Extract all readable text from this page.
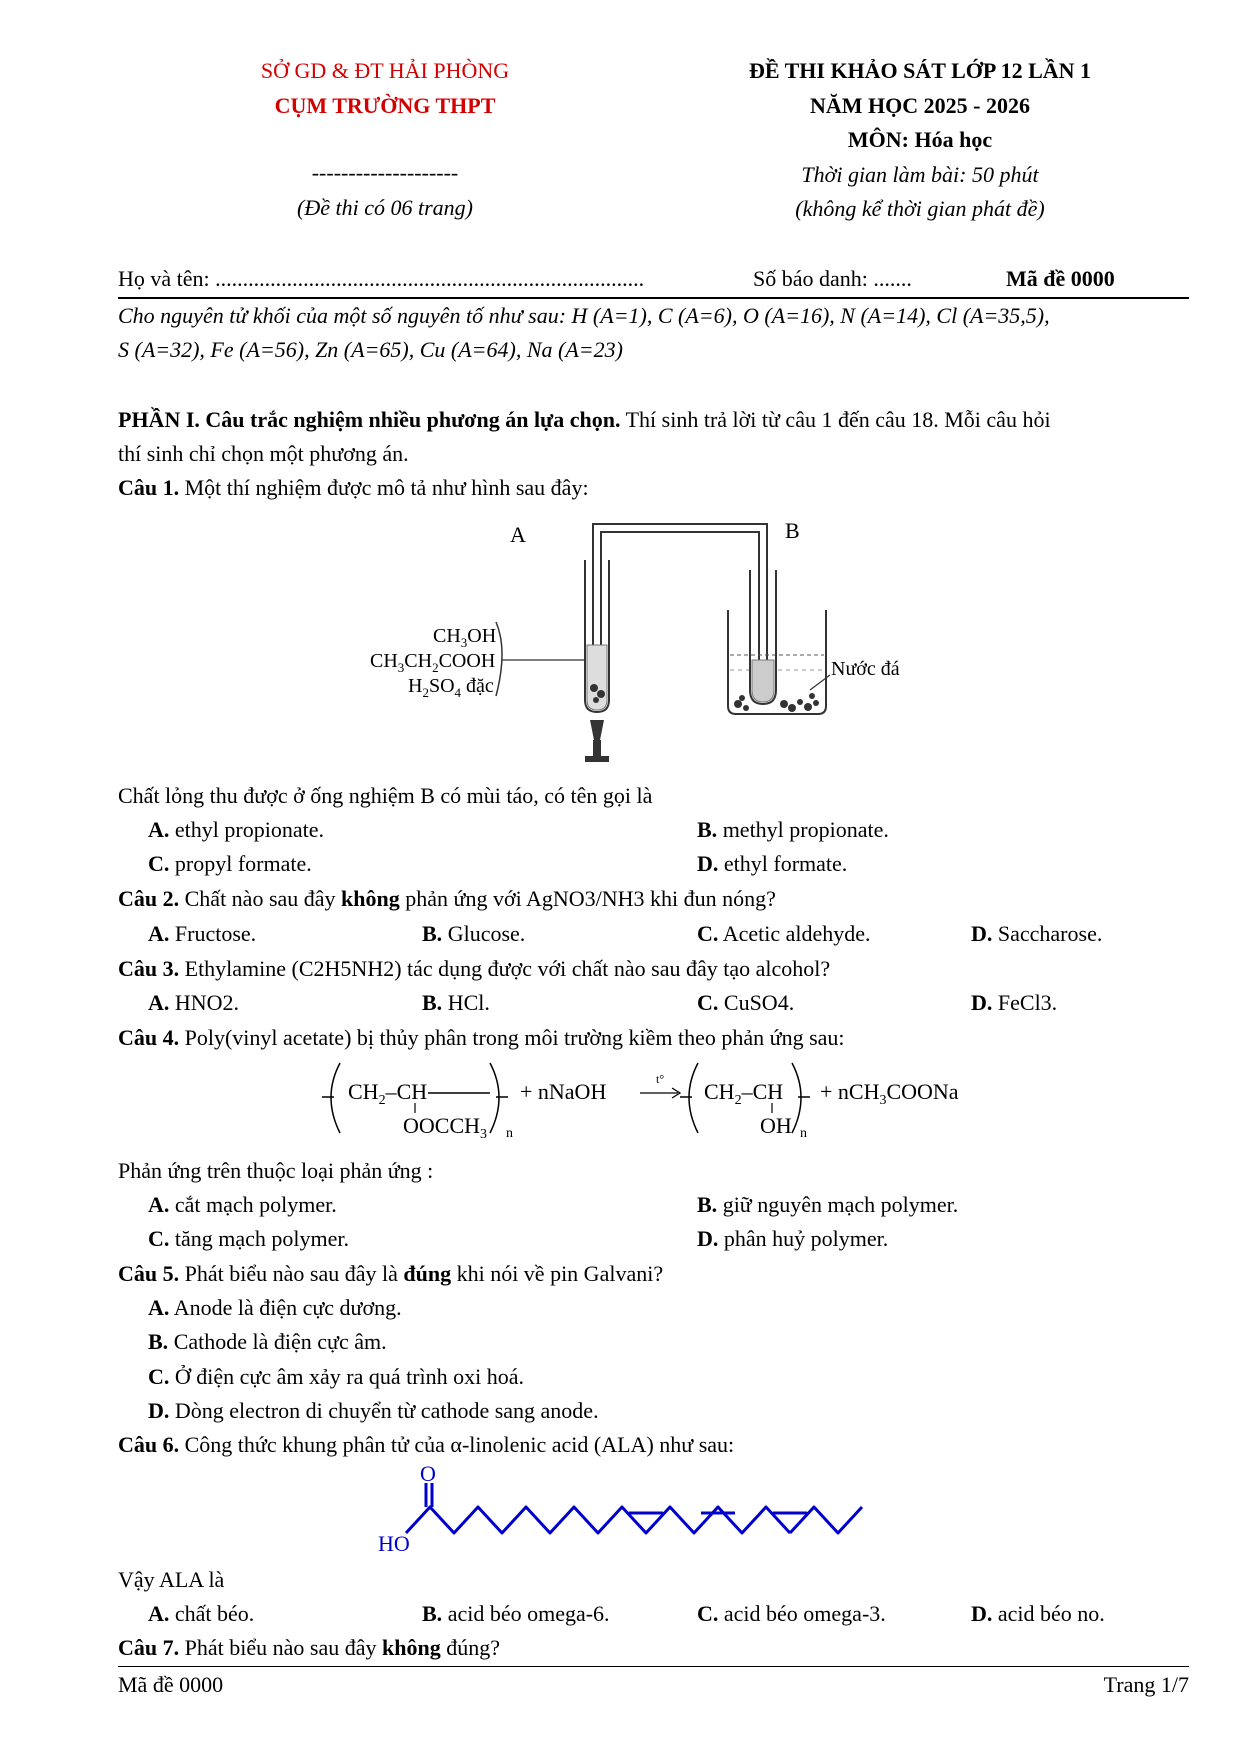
SỞ GD & ĐT HẢI PHÒNG
CỤM TRƯỜNG THPT
--------------------
(Đề thi có 06 trang)
ĐỀ THI KHẢO SÁT LỚP 12 LẦN 1
NĂM HỌC 2025 - 2026
MÔN: Hóa học
Thời gian làm bài: 50 phút
(không kể thời gian phát đề)
Họ và tên: ..............................................................................	Số báo danh: .......	Mã đề 0000
Cho nguyên tử khối của một số nguyên tố như sau: H (A=1), C (A=6), O (A=16), N (A=14), Cl (A=35,5),
S (A=32), Fe (A=56), Zn (A=65), Cu (A=64), Na (A=23)
PHẦN I. Câu trắc nghiệm nhiều phương án lựa chọn. Thí sinh trả lời từ câu 1 đến câu 18. Mỗi câu hỏi
thí sinh chỉ chọn một phương án.
Câu 1. Một thí nghiệm được mô tả như hình sau đây:
A	B
$CH_3OH$
$CH_3CH_2COOH$
$H_2SO_4$ đặc
Nước đá
Chất lỏng thu được ở ống nghiệm B có mùi táo, có tên gọi là
A. ethyl propionate.	B. methyl propionate.
C. propyl formate.	D. ethyl formate.
Câu 2. Chất nào sau đây không phản ứng với AgNO3/NH3 khi đun nóng?
A. Fructose.	B. Glucose.	C. Acetic aldehyde.	D. Saccharose.
Câu 3. Ethylamine (C2H5NH2) tác dụng được với chất nào sau đây tạo alcohol?
A. HNO2.	B. HCl.	C. CuSO4.	D. FeCl3.
Câu 4. Poly(vinyl acetate) bị thủy phân trong môi trường kiềm theo phản ứng sau:
$CH_2-CH$
$OOCCH_3$ n
+ nNaOH	t° $CH_2-CH$
OH n
+ nCH$_3$COONa
Phản ứng trên thuộc loại phản ứng :
A. cắt mạch polymer.	B. giữ nguyên mạch polymer.
C. tăng mạch polymer.	D. phân huỷ polymer.
Câu 5. Phát biểu nào sau đây là đúng khi nói về pin Galvani?
A. Anode là điện cực dương.
B. Cathode là điện cực âm.
C. Ở điện cực âm xảy ra quá trình oxi hoá.
D. Dòng electron di chuyển từ cathode sang anode.
Câu 6. Công thức khung phân tử của α-linolenic acid (ALA) như sau:
O
HO
Vậy ALA là
A. chất béo.	B. acid béo omega-6.	C. acid béo omega-3.	D. acid béo no.
Câu 7. Phát biểu nào sau đây không đúng?
Mã đề 0000	Trang 1/7
